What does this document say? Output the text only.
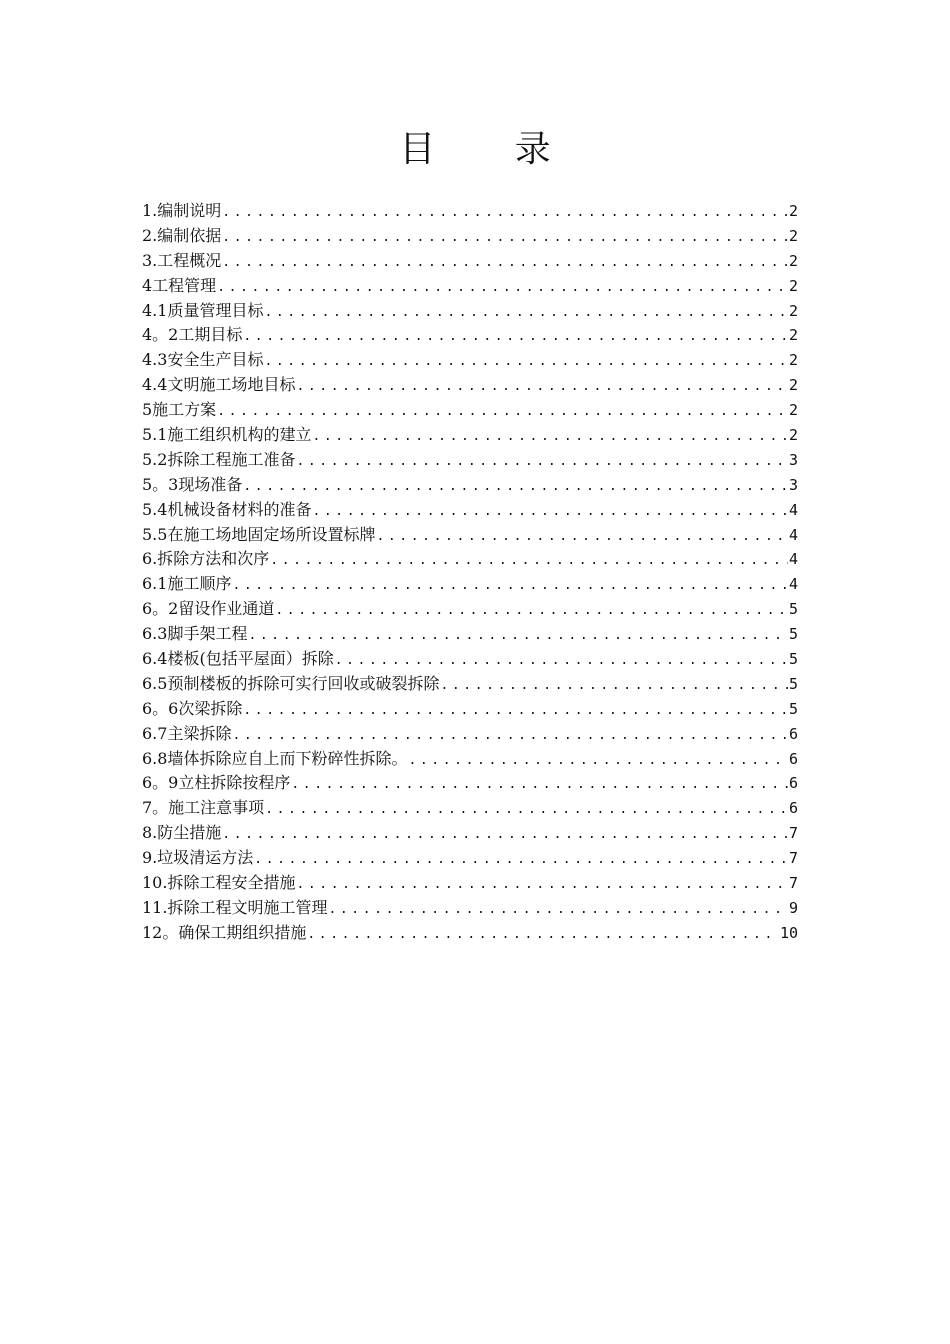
目 录
1.编制说明 .....	2
2.编制依据 .....	2
3.工程概况 .....	2
4工程管理 .....	2
4.1质量管理目标 .....	2
4。2工期目标 .....	2
4.3安全生产目标 .....	2
4.4文明施工场地目标 .....	2
5施工方案 .....	2
5.1施工组织机构的建立 .....	2
5.2拆除工程施工准备 .....	3
5。3现场准备 .....	3
5.4机械设备材料的准备 .....	4
5.5在施工场地固定场所设置标牌 .....	4
6.拆除方法和次序 .....	4
6.1施工顺序 .....	4
6。2留设作业通道 .....	5
6.3脚手架工程 .....	5
6.4楼板(包括平屋面）拆除 .....	5
6.5预制楼板的拆除可实行回收或破裂拆除 .....	5
6。6次梁拆除 .....	5
6.7主梁拆除 .....	6
6.8墙体拆除应自上而下粉碎性拆除。 .....	6
6。9立柱拆除按程序 .....	6
7。施工注意事项 .....	6
8.防尘措施 .....	7
9.垃圾清运方法 .....	7
10.拆除工程安全措施 .....	7
11.拆除工程文明施工管理 .....	9
12。确保工期组织措施 .....	10
